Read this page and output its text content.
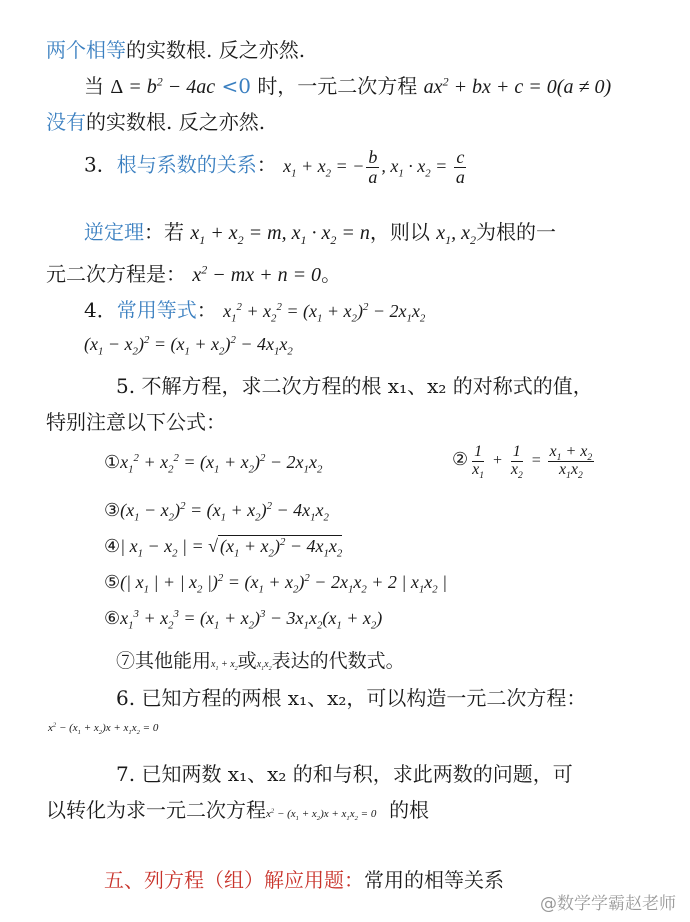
两个相等的实数根. 反之亦然.
当 $\Delta = b^2 - 4ac <0$ 时，一元二次方程 $ax^2$ + bx + c = 0(a ≠ 0)
没有的实数根. 反之亦然.
3．根与系数的关系： $x_1 + x_2$ = − $\frac{b}{a}$ , $x_1 \cdot x_2 = \frac{c}{a}$
逆定理：若 $x_1 + x_2 = m$, $x_1 \cdot x_2 = n$，则以 $x_1$, $x_2$为根的一
元二次方程是： $x^2$ − mx + n = 0。
4．常用等式： $x_1^2 + x_2^2 = (x_1 + x_2)^2 - 2x_1x_2$
$(x_1 - x_2)^2 = (x_1 + x_2)^2 - 4x_1x_2$
5. 不解方程，求二次方程的根 x₁、x₂ 的对称式的值，
特别注意以下公式：
$①x_1^2 + x_2^2 = (x_1 + x_2)^2 - 2x_1x_2$	② $\frac{1}{x_1} + \frac{1}{x_2} = \frac{x_1 + x_2}{x_1x_2}$
$③(x_1 - x_2)^2 = (x_1 + x_2)^2 - 4x_1x_2$
④| $x_1 - x_2$ | = √ $(x_1 + x_2)^2 - 4x_1x_2$
⑤(| $x_1$ | + | $x_2$ $|)^2 = (x_1 + x_2)^2 - 2x_1x_2 + 2$ | $x_1x_2$ |
$⑥x_1^3 + x_2^3 = (x_1 + x_2)^3 - 3x_1x_2(x_1 + x_2)$
⑦其他能用$x_1 + x_2$或$x_1x_2$表达的代数式。
6. 已知方程的两根 x₁、x₂，可以构造一元二次方程：
$x^2 - (x_1 + x_2)x + x_1x_2 = 0$
7. 已知两数 x₁、x₂ 的和与积，求此两数的问题，可
以转化为求一元二次方程$x^2 - (x_1 + x_2)x + x_1x_2 = 0$ 的根
五、列方程（组）解应用题：常用的相等关系
@数学学霸赵老师
